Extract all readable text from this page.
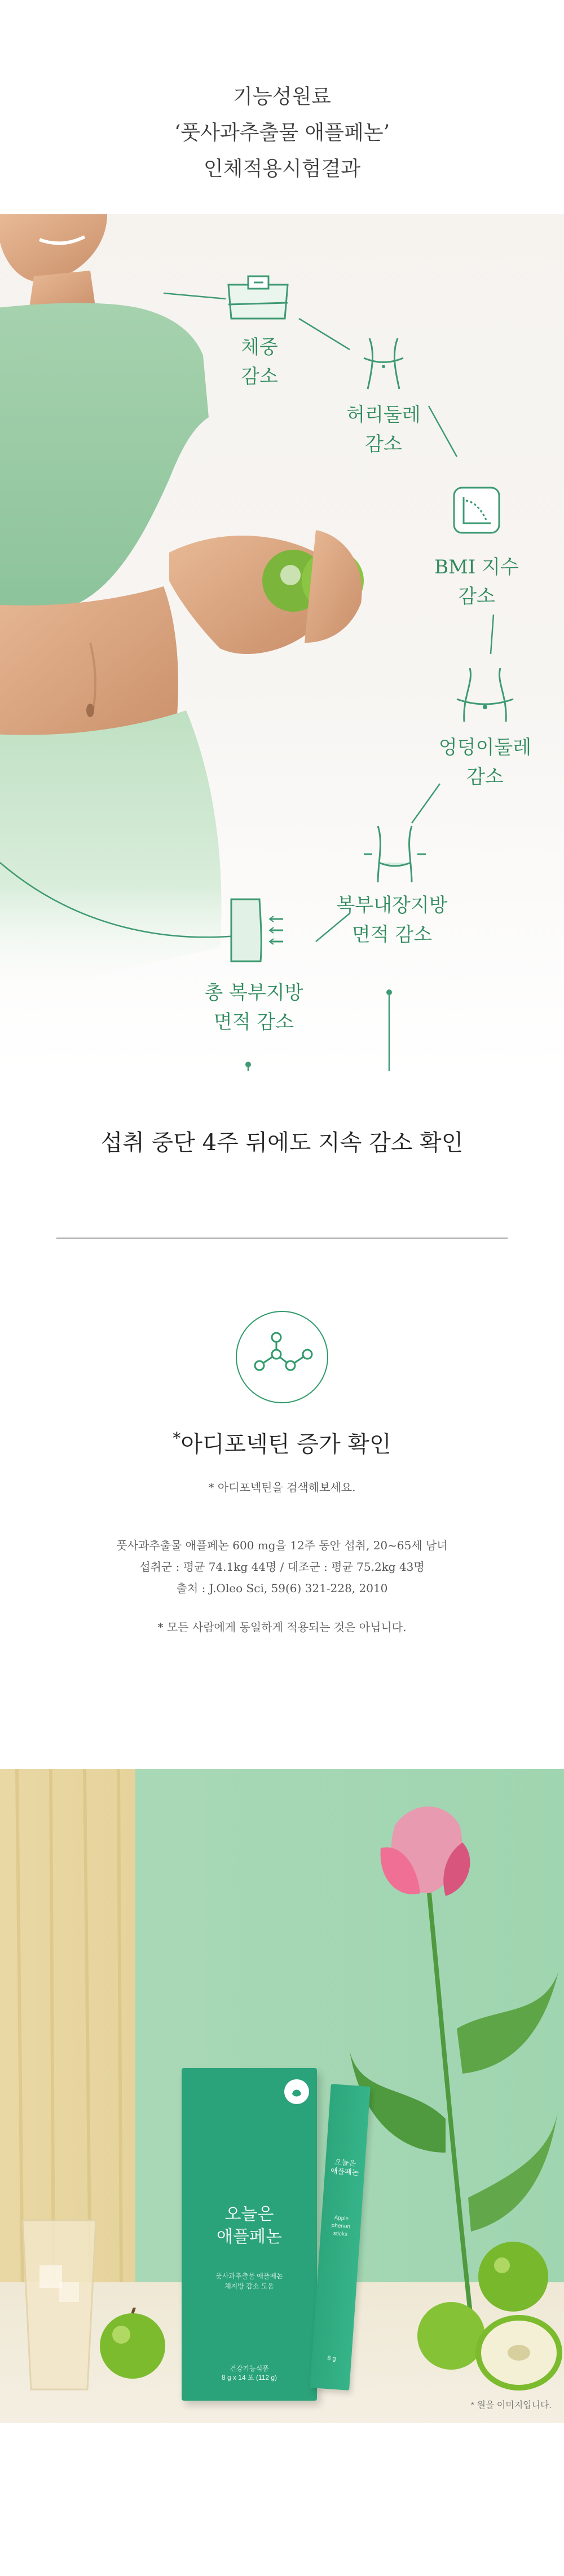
기능성원료
‘풋사과추출물 애플페논’
인체적용시험결과
체중
감소
허리둘레
감소
BMI 지수
감소
엉덩이둘레
감소
복부내장지방
면적 감소
총 복부지방
면적 감소
섭취 중단 4주 뒤에도 지속 감소 확인
*아디포넥틴 증가 확인
* 아디포넥틴을 검색해보세요.
풋사과추출물 애플페논 600 mg을 12주 동안 섭취, 20~65세 남녀
섭취군 : 평균 74.1kg 44명 / 대조군 : 평균 75.2kg 43명
출처 : J.Oleo Sci, 59(6) 321-228, 2010
* 모든 사람에게 동일하게 적용되는 것은 아닙니다.
오늘은
애플페논
풋사과추출물 애플페논
체지방 감소 도움
건강기능식품
8 g x 14 포 (112 g)
오늘은
애플페논
Apple
phenon
sticks
8 g
* 원을 이미지입니다.
